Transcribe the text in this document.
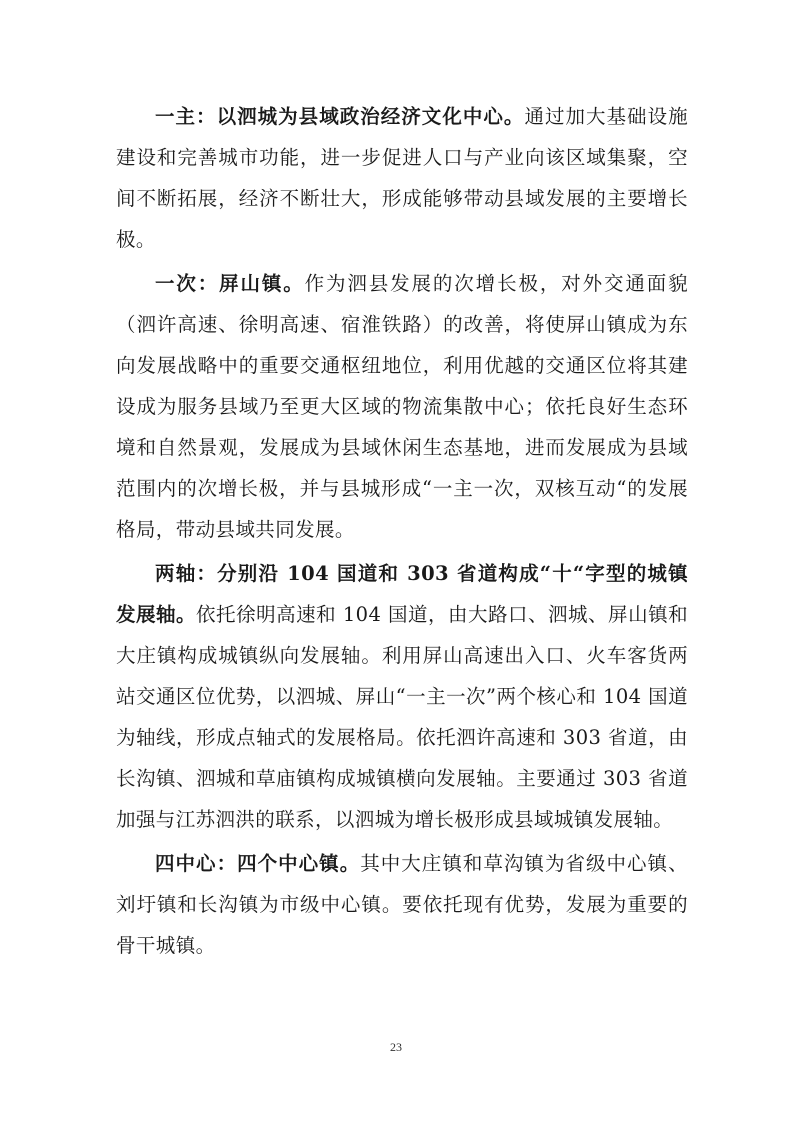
一主：以泗城为县域政治经济文化中心。通过加大基础设施建设和完善城市功能，进一步促进人口与产业向该区域集聚，空间不断拓展，经济不断壮大，形成能够带动县域发展的主要增长极。

一次：屏山镇。作为泗县发展的次增长极，对外交通面貌（泗许高速、徐明高速、宿淮铁路）的改善，将使屏山镇成为东向发展战略中的重要交通枢纽地位，利用优越的交通区位将其建设成为服务县域乃至更大区域的物流集散中心；依托良好生态环境和自然景观，发展成为县域休闲生态基地，进而发展成为县域范围内的次增长极，并与县城形成“一主一次，双核互动“的发展格局，带动县域共同发展。

两轴：分别沿 104 国道和 303 省道构成“十“字型的城镇发展轴。依托徐明高速和 104 国道，由大路口、泗城、屏山镇和大庄镇构成城镇纵向发展轴。利用屏山高速出入口、火车客货两站交通区位优势，以泗城、屏山“一主一次”两个核心和 104 国道为轴线，形成点轴式的发展格局。依托泗许高速和 303 省道，由长沟镇、泗城和草庙镇构成城镇横向发展轴。主要通过 303 省道加强与江苏泗洪的联系，以泗城为增长极形成县域城镇发展轴。

四中心：四个中心镇。其中大庄镇和草沟镇为省级中心镇、刘圩镇和长沟镇为市级中心镇。要依托现有优势，发展为重要的骨干城镇。

23
